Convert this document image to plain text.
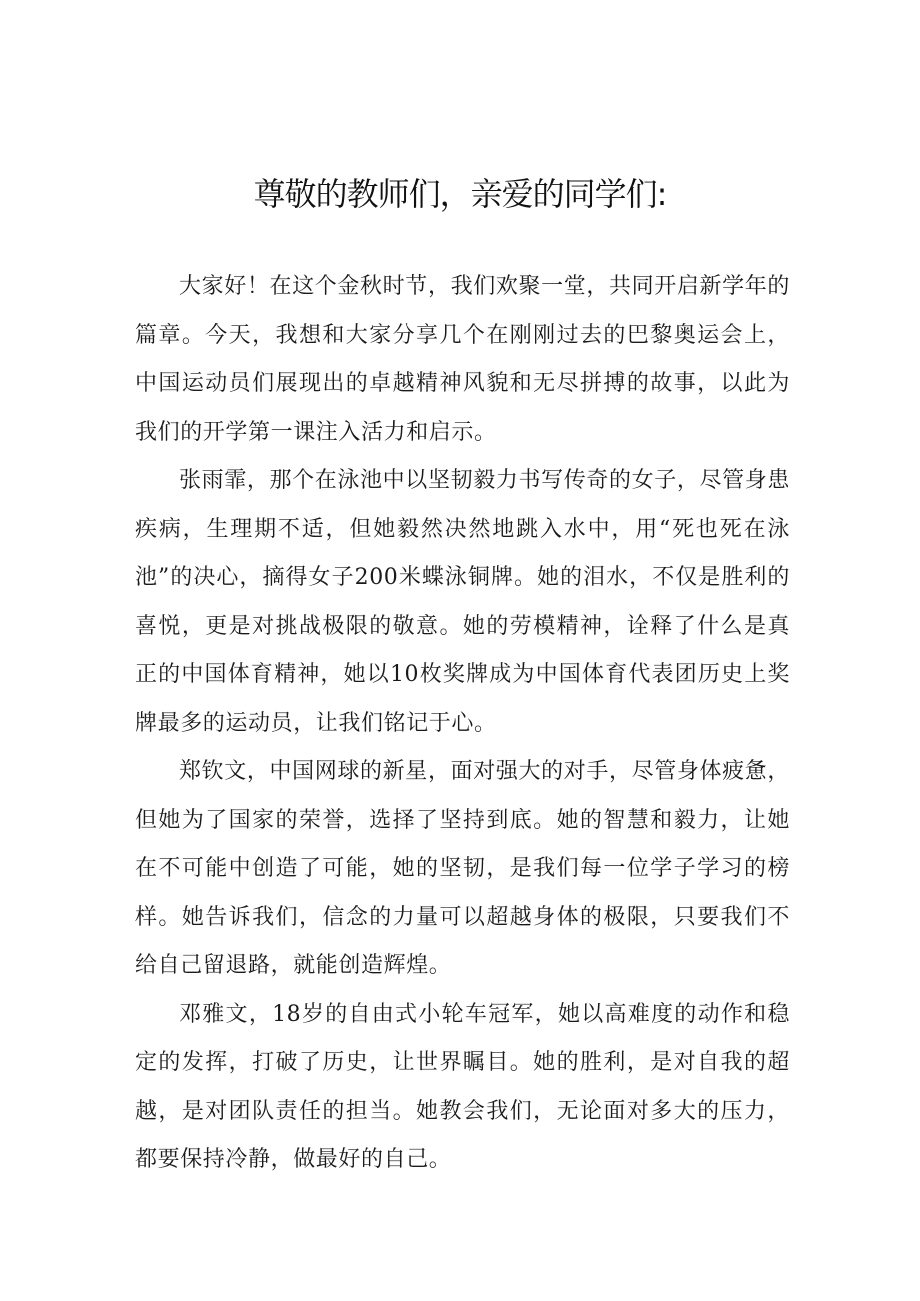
尊敬的教师们，亲爱的同学们:

大家好！在这个金秋时节，我们欢聚一堂，共同开启新学年的篇章。今天，我想和大家分享几个在刚刚过去的巴黎奥运会上，中国运动员们展现出的卓越精神风貌和无尽拼搏的故事，以此为我们的开学第一课注入活力和启示。

张雨霏，那个在泳池中以坚韧毅力书写传奇的女子，尽管身患疾病，生理期不适，但她毅然决然地跳入水中，用“死也死在泳池”的决心，摘得女子200米蝶泳铜牌。她的泪水，不仅是胜利的喜悦，更是对挑战极限的敬意。她的劳模精神，诠释了什么是真正的中国体育精神，她以10枚奖牌成为中国体育代表团历史上奖牌最多的运动员，让我们铭记于心。

郑钦文，中国网球的新星，面对强大的对手，尽管身体疲惫，但她为了国家的荣誉，选择了坚持到底。她的智慧和毅力，让她在不可能中创造了可能，她的坚韧，是我们每一位学子学习的榜样。她告诉我们，信念的力量可以超越身体的极限，只要我们不给自己留退路，就能创造辉煌。

邓雅文，18岁的自由式小轮车冠军，她以高难度的动作和稳定的发挥，打破了历史，让世界瞩目。她的胜利，是对自我的超越，是对团队责任的担当。她教会我们，无论面对多大的压力，都要保持冷静，做最好的自己。
